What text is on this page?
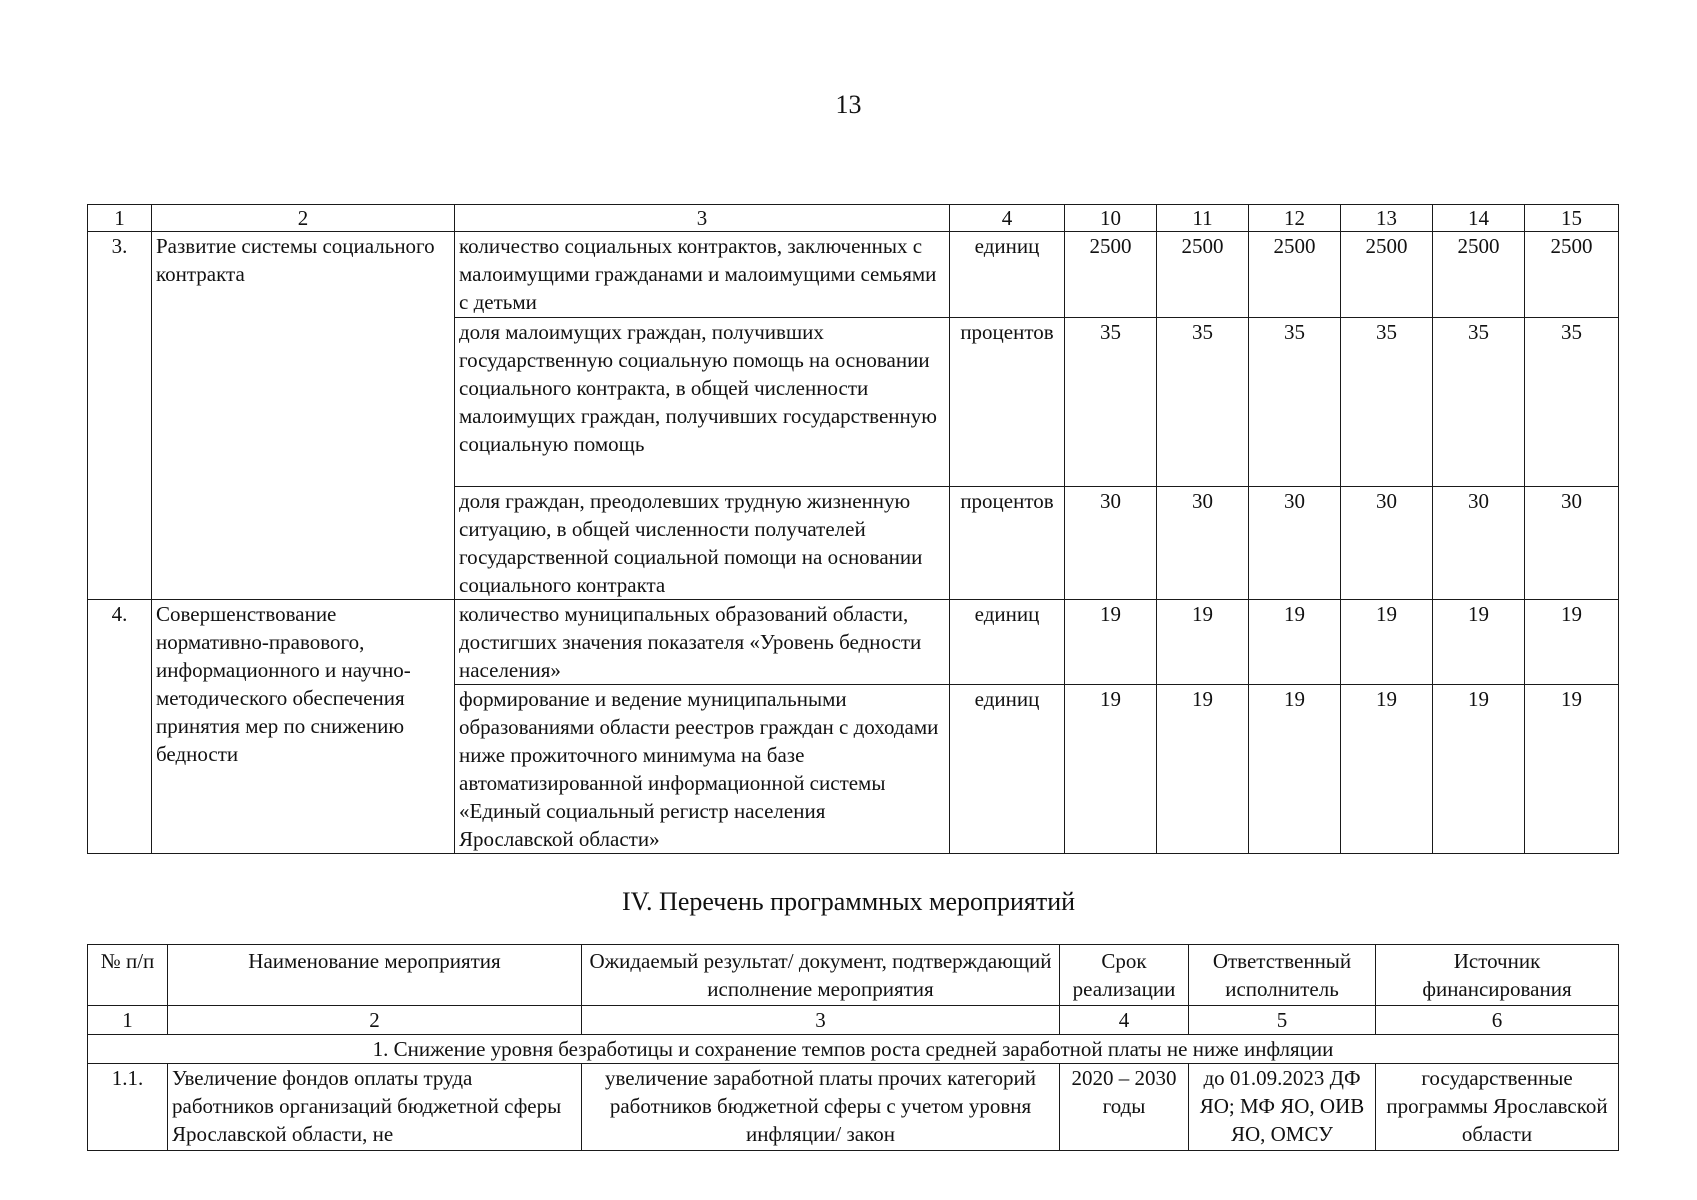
13
1	2	3	4	10	11	12	13	14	15
3.	Развитие системы социального контракта	количество социальных контрактов, заключенных с малоимущими гражданами и малоимущими семьями с детьми	единиц	2500	2500	2500	2500	2500	2500
		доля малоимущих граждан, получивших государственную социальную помощь на основании социального контракта, в общей численности малоимущих граждан, получивших государственную социальную помощь	процентов	35	35	35	35	35	35
		доля граждан, преодолевших трудную жизненную ситуацию, в общей численности получателей государственной социальной помощи на основании социального контракта	процентов	30	30	30	30	30	30
4.	Совершенствование нормативно-правового, информационного и научно-методического обеспечения принятия мер по снижению бедности	количество муниципальных образований области, достигших значения показателя «Уровень бедности населения»	единиц	19	19	19	19	19	19
		формирование и ведение муниципальными образованиями области реестров граждан с доходами ниже прожиточного минимума на базе автоматизированной информационной системы «Единый социальный регистр населения Ярославской области»	единиц	19	19	19	19	19	19
IV. Перечень программных мероприятий
№ п/п	Наименование мероприятия	Ожидаемый результат/ документ, подтверждающий исполнение мероприятия	Срок реализации	Ответственный исполнитель	Источник финансирования
1	2	3	4	5	6
1. Снижение уровня безработицы и сохранение темпов роста средней заработной платы не ниже инфляции					
1.1.	Увеличение фондов оплаты труда работников организаций бюджетной сферы Ярославской области, не	увеличение заработной платы прочих категорий работников бюджетной сферы с учетом уровня инфляции/ закон	2020 – 2030 годы	до 01.09.2023 ДФ ЯО; МФ ЯО, ОИВ ЯО, ОМСУ	государственные программы Ярославской области
